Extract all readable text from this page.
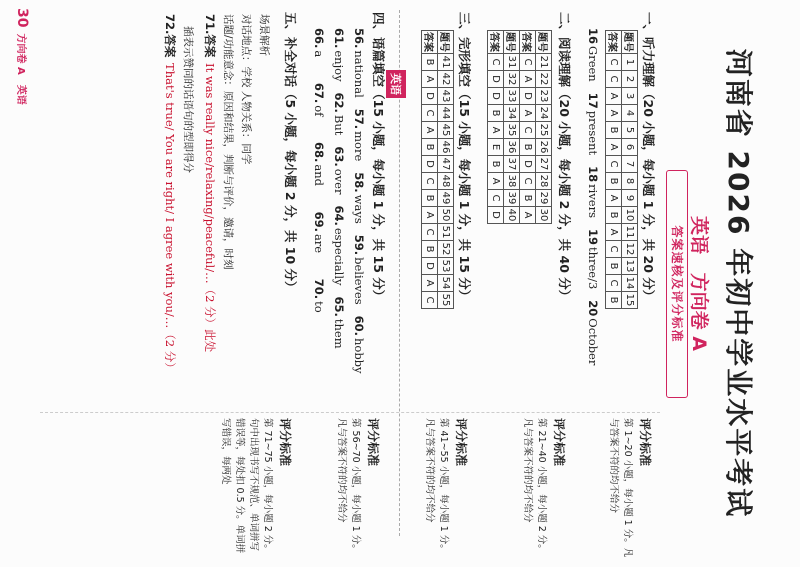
河南省 2026 年初中学业水平考试
英语 方向卷 A
答案速核及评分标准
一、听力理解（20 小题，每小题 1 分，共 20 分）
题号	1	2	3	4	5	6	7	8	9	10	11	12	13	14	15
答案	C	C	A	A	B	A	C	B	A	B	A	C	B	C	B
16Green   17present   18rivers   19three/3   20October
二、阅读理解（20 小题，每小题 2 分，共 40 分）
题号	21	22	23	24	25	26	27	28	29	30
答案	C	A	D	A	C	B	D	C	B	A
题号	31	32	33	34	35	36	37	38	39	40
答案	C	D	D	B	A	E	B	A	C	D
英语	三、完形填空（15 小题，每小题 1 分，共 15 分）
题号	41	42	43	44	45	46	47	48	49	50	51	52	53	54	55
答案	B	A	D	C	A	B	D	C	B	A	C	B	D	A	C
四、语篇填空（15 小题，每小题 1 分，共 15 分）
56.national   57.more   58.ways   59.believes   60.hobby
61.enjoy   62.But   63.over   64.especially   65.them
66.a       67.of       68.and       69.are       70.to
五、补全对话（5 小题，每小题 2 分，共 10 分）
场景解析
对话地点：学校 人物关系：同学
话题/功能意念：原因和结果，判断与评价，邀请，时刻
71.答案 It was really nice/relaxing/peaceful/…（2 分）此处
插表示赞同的话语句的型即得分
72.答案 That's true/ You are right/ I agree with you/…（2 分）
评分标准
第 1~20 小题，每小题 1 分。凡与答案不符的均不给分
评分标准
第 21~40 小题，每小题 2 分。凡与答案不符的均不给分
评分标准
第 41~55 小题，每小题 1 分。凡与答案不符的均不给分
评分标准
第 56~70 小题，每小题 1 分。凡与答案不符的均不给分
评分标准
第 71~75 小题，每小题 2 分。句中出现书写不规范、单词拼写错误等，每处扣 0.5 分。单词拼写错误，每两处
30方向卷 A　英语
